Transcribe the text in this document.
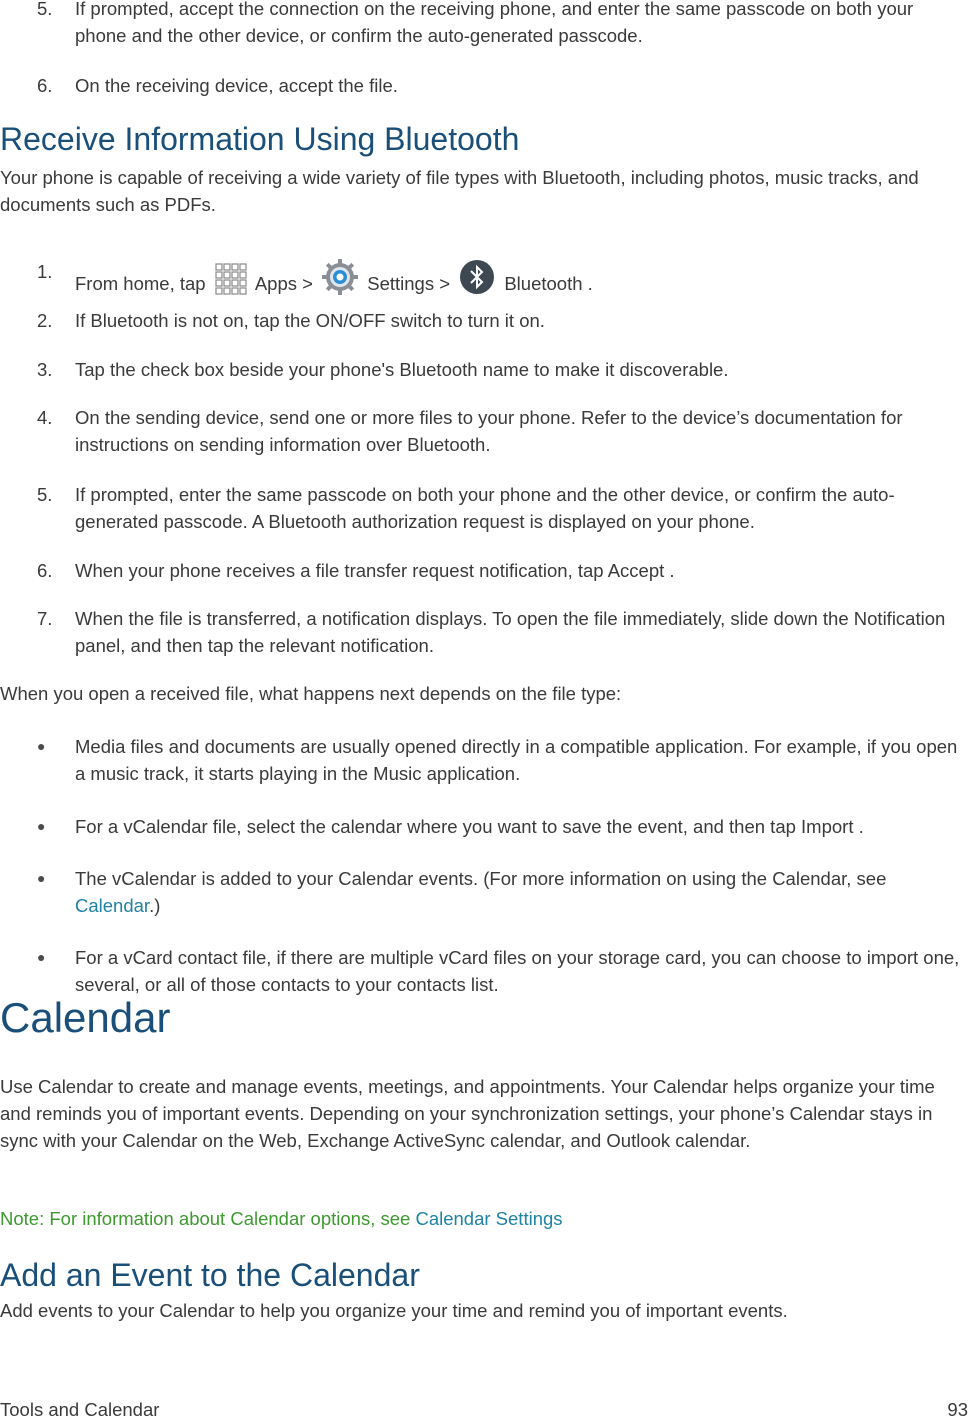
5.	If prompted, accept the connection on the receiving phone, and enter the same passcode on both your phone and the other device, or confirm the auto-generated passcode.
6.	On the receiving device, accept the file.
Receive Information Using Bluetooth
Your phone is capable of receiving a wide variety of file types with Bluetooth, including photos, music tracks, and documents such as PDFs.
1.
From home, tap	Apps >	Settings >	Bluetooth .
2.	If Bluetooth is not on, tap the ON/OFF switch to turn it on.
3.	Tap the check box beside your phone's Bluetooth name to make it discoverable.
4.	On the sending device, send one or more files to your phone. Refer to the device’s documentation for instructions on sending information over Bluetooth.
5.	If prompted, enter the same passcode on both your phone and the other device, or confirm the auto-generated passcode. A Bluetooth authorization request is displayed on your phone.
6.	When your phone receives a file transfer request notification, tap Accept .
7.	When the file is transferred, a notification displays. To open the file immediately, slide down the Notification panel, and then tap the relevant notification.
When you open a received file, what happens next depends on the file type:
● Media files and documents are usually opened directly in a compatible application. For example, if you open a music track, it starts playing in the Music application.
● For a vCalendar file, select the calendar where you want to save the event, and then tap Import .
● The vCalendar is added to your Calendar events. (For more information on using the Calendar, see Calendar.)
● For a vCard contact file, if there are multiple vCard files on your storage card, you can choose to import one, several, or all of those contacts to your contacts list.
Calendar
Use Calendar to create and manage events, meetings, and appointments. Your Calendar helps organize your time and reminds you of important events. Depending on your synchronization settings, your phone’s Calendar stays in sync with your Calendar on the Web, Exchange ActiveSync calendar, and Outlook calendar.
Note: For information about Calendar options, see Calendar Settings
Add an Event to the Calendar
Add events to your Calendar to help you organize your time and remind you of important events.
Tools and Calendar	93
